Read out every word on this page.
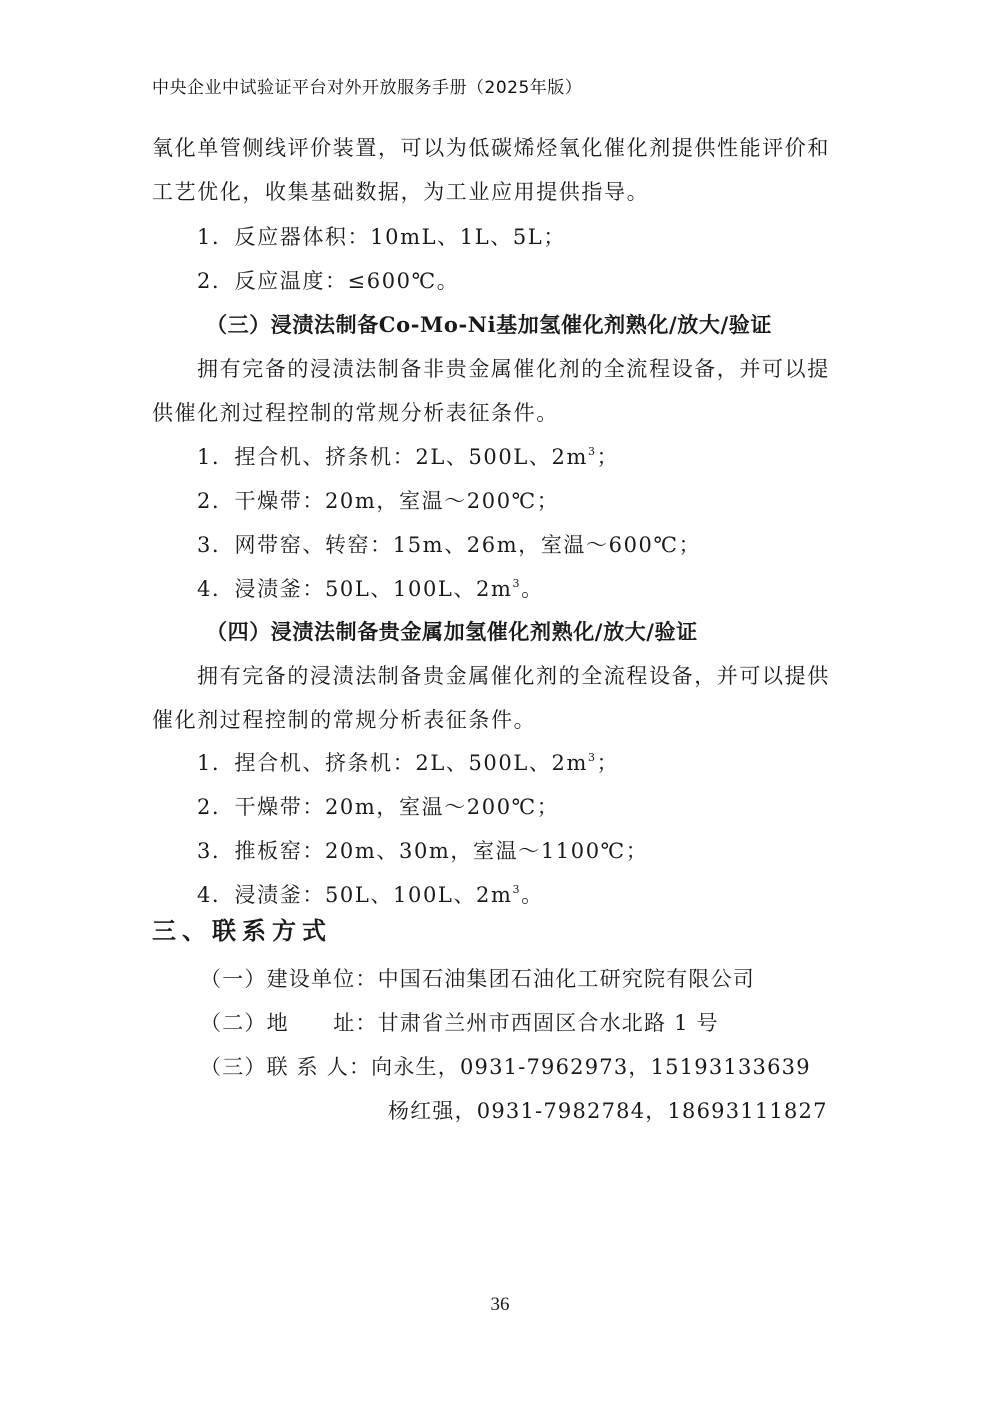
中央企业中试验证平台对外开放服务手册（2025年版）
氧化单管侧线评价装置，可以为低碳烯烃氧化催化剂提供性能评价和
工艺优化，收集基础数据，为工业应用提供指导。
1．反应器体积：10mL、1L、5L；
2．反应温度：≤600℃。
（三）浸渍法制备Co-Mo-Ni基加氢催化剂熟化/放大/验证
拥有完备的浸渍法制备非贵金属催化剂的全流程设备，并可以提
供催化剂过程控制的常规分析表征条件。
1．捏合机、挤条机：2L、500L、$2m^3$；
2．干燥带：20m，室温～200℃；
3．网带窑、转窑：15m、26m，室温～600℃；
4．浸渍釜：50L、100L、$2m^3$。
（四）浸渍法制备贵金属加氢催化剂熟化/放大/验证
拥有完备的浸渍法制备贵金属催化剂的全流程设备，并可以提供
催化剂过程控制的常规分析表征条件。
1．捏合机、挤条机：2L、500L、$2m^3$；
2．干燥带：20m，室温～200℃；
3．推板窑：20m、30m，室温～1100℃；
4．浸渍釜：50L、100L、$2m^3$。
三、联系方式
（一）建设单位：中国石油集团石油化工研究院有限公司
（二）地　　址：甘肃省兰州市西固区合水北路 1 号
（三）联 系 人：向永生，0931-7962973，15193133639
杨红强，0931-7982784，18693111827
36
